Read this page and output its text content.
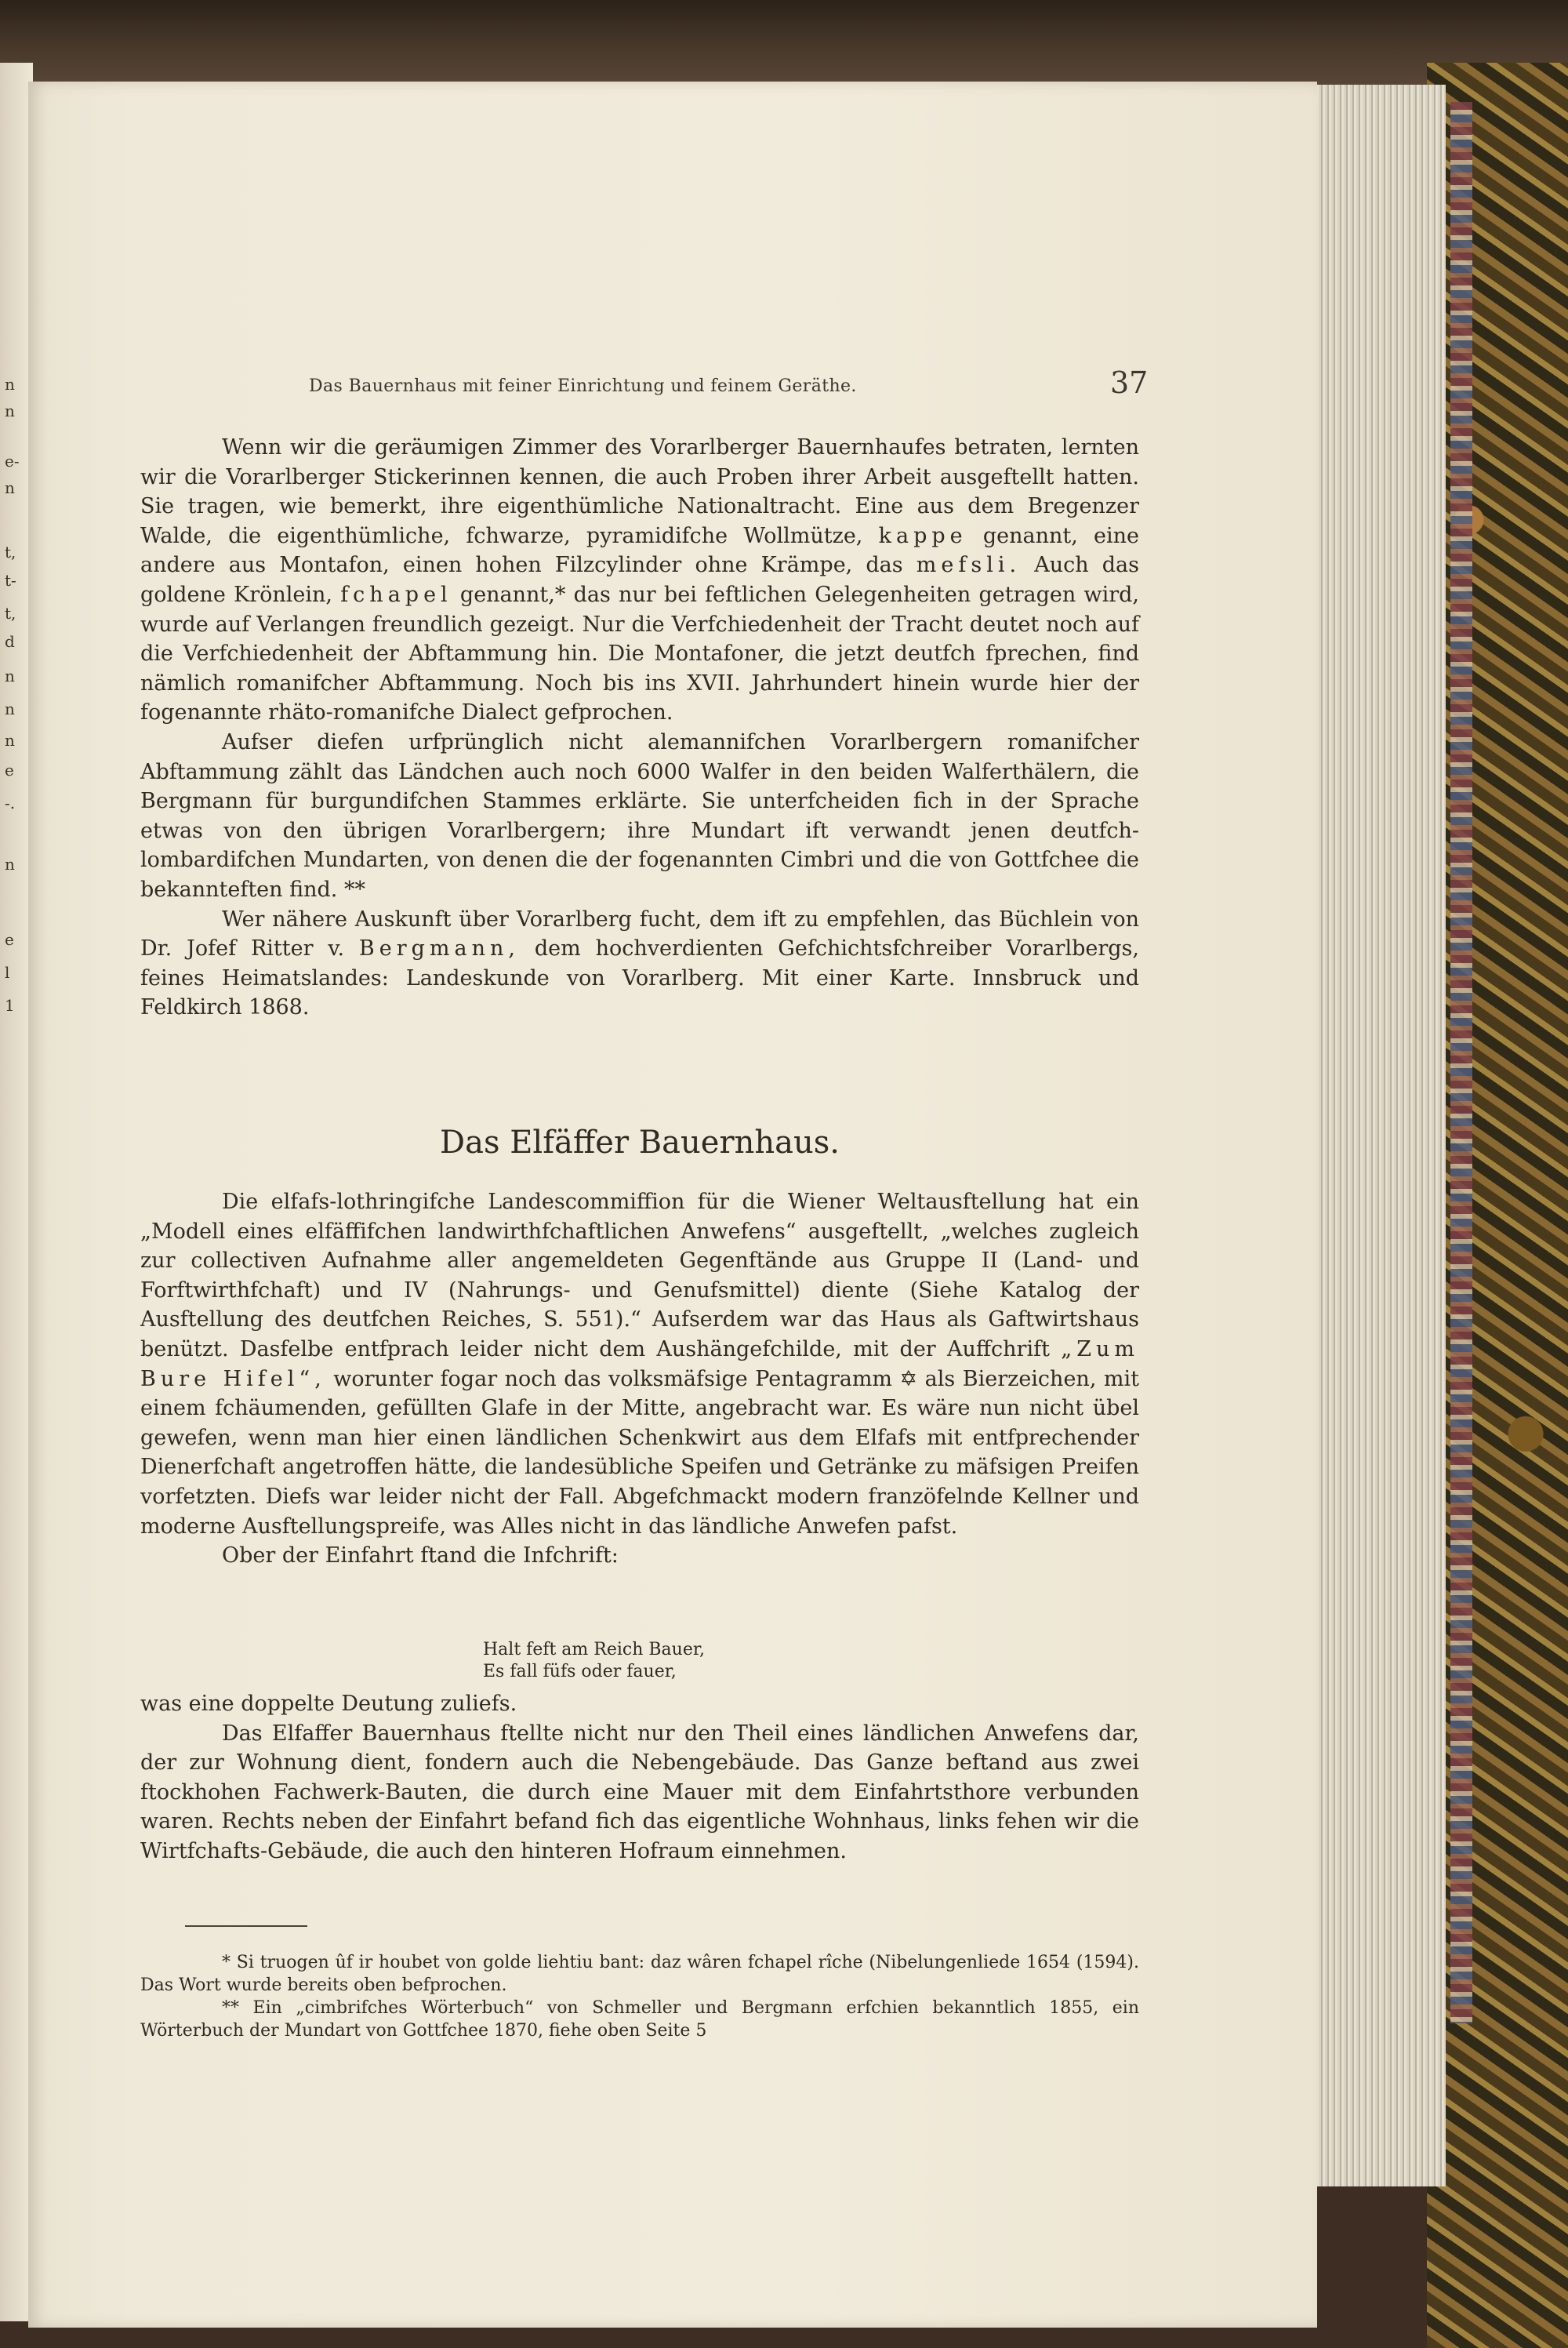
n
n
e-
n
t,
t-
t,
d
n
n
n
e
-.
n
e
l
1
Das Bauernhaus mit feiner Einrichtung und feinem Geräthe.	37

Wenn wir die geräumigen Zimmer des Vorarlberger Bauernhaufes betraten, lernten wir die Vorarlberger Stickerinnen kennen, die auch Proben ihrer Arbeit ausgeftellt hatten. Sie tragen, wie bemerkt, ihre eigenthümliche Nationaltracht. Eine aus dem Bregenzer Walde, die eigenthümliche, fchwarze, pyramidifche Wollmütze, kappe genannt, eine andere aus Montafon, einen hohen Filzcylinder ohne Krämpe, das mefsli. Auch das goldene Krönlein, fchapel genannt,* das nur bei feftlichen Gelegenheiten getragen wird, wurde auf Verlangen freundlich gezeigt. Nur die Verfchiedenheit der Tracht deutet noch auf die Verfchiedenheit der Abftammung hin. Die Montafoner, die jetzt deutfch fprechen, find nämlich romanifcher Abftammung. Noch bis ins XVII. Jahrhundert hinein wurde hier der fogenannte rhäto-romanifche Dialect gefprochen.

Aufser diefen urfprünglich nicht alemannifchen Vorarlbergern romanifcher Abftammung zählt das Ländchen auch noch 6000 Walfer in den beiden Walferthälern, die Bergmann für burgundifchen Stammes erklärte. Sie unterfcheiden fich in der Sprache etwas von den übrigen Vorarlbergern; ihre Mundart ift verwandt jenen deutfch-lombardifchen Mundarten, von denen die der fogenannten Cimbri und die von Gottfchee die bekannteften find. **

Wer nähere Auskunft über Vorarlberg fucht, dem ift zu empfehlen, das Büchlein von Dr. Jofef Ritter v. Bergmann, dem hochverdienten Gefchichtsfchreiber Vorarlbergs, feines Heimatslandes: Landeskunde von Vorarlberg. Mit einer Karte. Innsbruck und Feldkirch 1868.

Das Elfäffer Bauernhaus.

Die elfafs-lothringifche Landescommiffion für die Wiener Weltausftellung hat ein „Modell eines elfäffifchen landwirthfchaftlichen Anwefens“ ausgeftellt, „welches zugleich zur collectiven Aufnahme aller angemeldeten Gegenftände aus Gruppe II (Land- und Forftwirthfchaft) und IV (Nahrungs- und Genufsmittel) diente (Siehe Katalog der Ausftellung des deutfchen Reiches, S. 551).“ Aufserdem war das Haus als Gaftwirtshaus benützt. Dasfelbe entfprach leider nicht dem Aushängefchilde, mit der Auffchrift „Zum Bure Hifel“, worunter fogar noch das volksmäfsige Pentagramm ✡ als Bierzeichen, mit einem fchäumenden, gefüllten Glafe in der Mitte, angebracht war. Es wäre nun nicht übel gewefen, wenn man hier einen ländlichen Schenkwirt aus dem Elfafs mit entfprechender Dienerfchaft angetroffen hätte, die landesübliche Speifen und Getränke zu mäfsigen Preifen vorfetzten. Diefs war leider nicht der Fall. Abgefchmackt modern franzöfelnde Kellner und moderne Ausftellungspreife, was Alles nicht in das ländliche Anwefen pafst.

Ober der Einfahrt ftand die Infchrift:

Halt feft am Reich Bauer,
Es fall füfs oder fauer,

was eine doppelte Deutung zuliefs.

Das Elfaffer Bauernhaus ftellte nicht nur den Theil eines ländlichen Anwefens dar, der zur Wohnung dient, fondern auch die Nebengebäude. Das Ganze beftand aus zwei ftockhohen Fachwerk-Bauten, die durch eine Mauer mit dem Einfahrtsthore verbunden waren. Rechts neben der Einfahrt befand fich das eigentliche Wohnhaus, links fehen wir die Wirtfchafts-Gebäude, die auch den hinteren Hofraum einnehmen.

* Si truogen ûf ir houbet von golde liehtiu bant: daz wâren fchapel rîche (Nibelungenliede 1654 (1594). Das Wort wurde bereits oben befprochen.

** Ein „cimbrifches Wörterbuch“ von Schmeller und Bergmann erfchien bekanntlich 1855, ein Wörterbuch der Mundart von Gottfchee 1870, fiehe oben Seite 5
